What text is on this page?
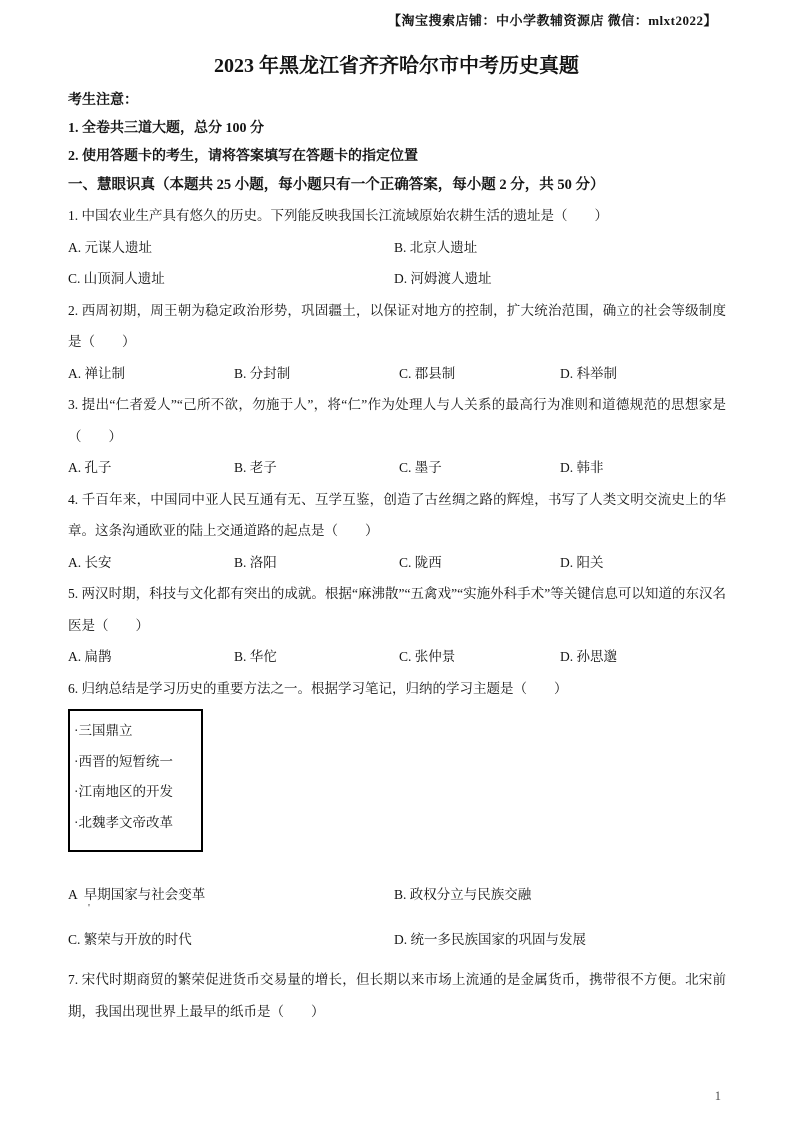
【淘宝搜索店铺：中小学教辅资源店 微信：mlxt2022】
2023 年黑龙江省齐齐哈尔市中考历史真题
考生注意：
1. 全卷共三道大题，总分 100 分
2. 使用答题卡的考生，请将答案填写在答题卡的指定位置
一、慧眼识真（本题共 25 小题，每小题只有一个正确答案，每小题 2 分，共 50 分）

1. 中国农业生产具有悠久的历史。下列能反映我国长江流域原始农耕生活的遗址是（　　）

A. 元谋人遗址	B. 北京人遗址
C. 山顶洞人遗址	D. 河姆渡人遗址

2. 西周初期，周王朝为稳定政治形势，巩固疆土，以保证对地方的控制，扩大统治范围，确立的社会等级制度是（　　）

A. 禅让制	B. 分封制	C. 郡县制	D. 科举制

3. 提出“仁者爱人”“己所不欲，勿施于人”，将“仁”作为处理人与人关系的最高行为准则和道德规范的思想家是（　　）

A. 孔子	B. 老子	C. 墨子	D. 韩非

4. 千百年来，中国同中亚人民互通有无、互学互鉴，创造了古丝绸之路的辉煌，书写了人类文明交流史上的华章。这条沟通欧亚的陆上交通道路的起点是（　　）

A. 长安	B. 洛阳	C. 陇西	D. 阳关

5. 两汉时期，科技与文化都有突出的成就。根据“麻沸散”“五禽戏”“实施外科手术”等关键信息可以知道的东汉名医是（　　）

A. 扁鹊	B. 华佗	C. 张仲景	D. 孙思邈

6. 归纳总结是学习历史的重要方法之一。根据学习笔记，归纳的学习主题是（　　）

·三国鼎立
·西晋的短暂统一
·江南地区的开发
·北魏孝文帝改革
A  早期国家与社会变革	B. 政权分立与民族交融
C. 繁荣与开放的时代	D. 统一多民族国家的巩固与发展
'

7. 宋代时期商贸的繁荣促进货币交易量的增长，但长期以来市场上流通的是金属货币，携带很不方便。北宋前期，我国出现世界上最早的纸币是（　　）

1
